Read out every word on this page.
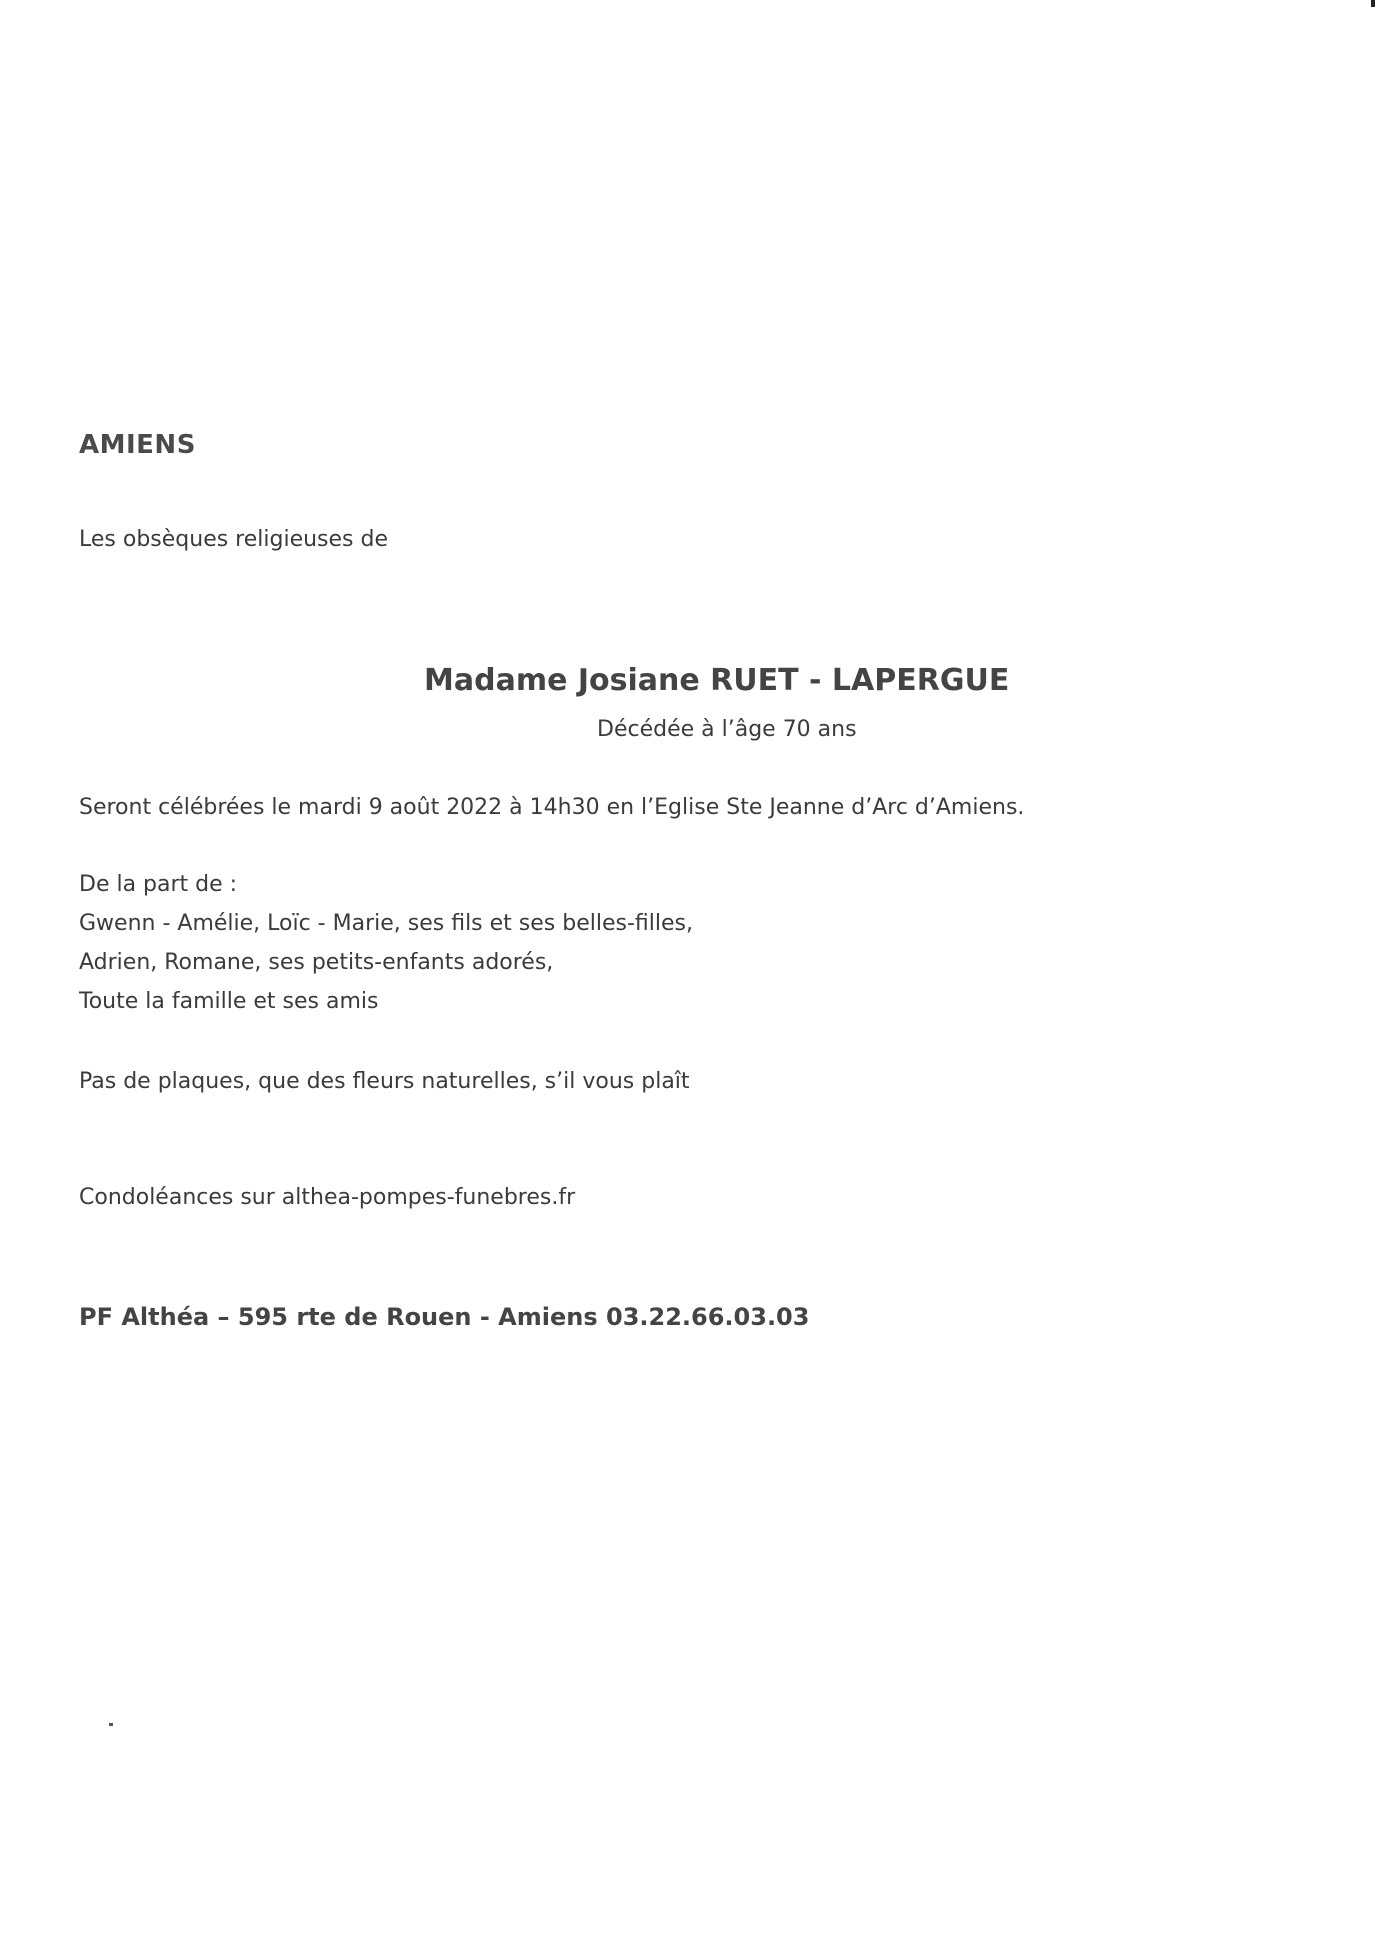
AMIENS
Les obsèques religieuses de
Madame Josiane RUET - LAPERGUE
Décédée à l’âge 70 ans
Seront célébrées le mardi 9 août 2022 à 14h30 en l’Eglise Ste Jeanne d’Arc d’Amiens.
De la part de :
Gwenn - Amélie, Loïc - Marie, ses fils et ses belles-filles,
Adrien, Romane, ses petits-enfants adorés,
Toute la famille et ses amis
Pas de plaques, que des fleurs naturelles, s’il vous plaît
Condoléances sur althea-pompes-funebres.fr
PF Althéa – 595 rte de Rouen - Amiens 03.22.66.03.03
